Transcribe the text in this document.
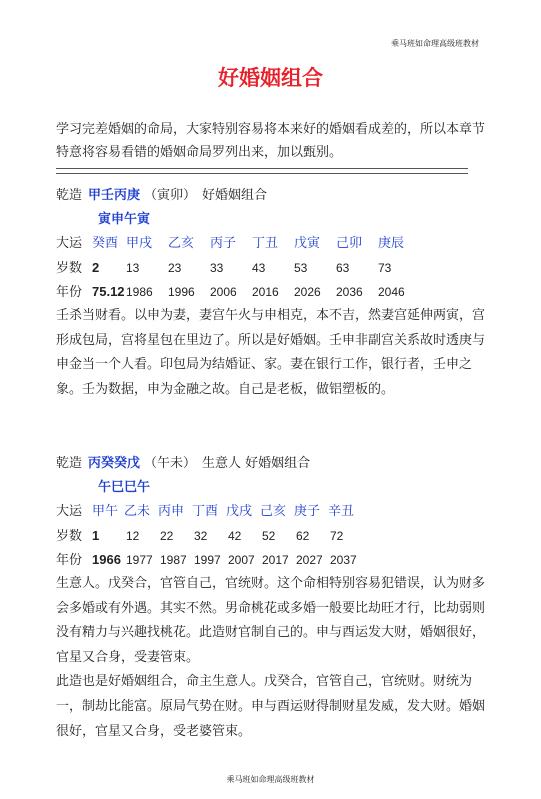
乘马班如命理高级班教材
好婚姻组合
学习完差婚姻的命局，大家特别容易将本来好的婚姻看成差的，所以本章节特意将容易看错的婚姻命局罗列出来，加以甄别。
乾造 甲壬丙庚 （寅卯） 好婚姻组合
寅申午寅
大运 癸酉 甲戌	乙亥	丙子	丁丑	戊寅	己卯	庚辰
岁数 2	13	23	33	43	53	63	73
年份 75.12 1986	1996	2006	2016	2026	2036	2046

壬杀当财看。以申为妻，妻宫午火与申相克，本不吉，然妻宫延伸两寅，宫形成包局，宫将星包在里边了。所以是好婚姻。壬申非副宫关系故时透庚与申金当一个人看。印包局为结婚证、家。妻在银行工作，银行者，壬申之象。壬为数据，申为金融之故。自己是老板，做铝塑板的。

乾造 丙癸癸戊 （午未） 生意人 好婚姻组合
午巳巳午
大运 甲午 乙未 丙申 丁酉 戊戌 己亥 庚子 辛丑
岁数 1	12	22	32	42	52	62	72
年份 1966 1977 1987 1997 2007 2017 2027 2037

生意人。戊癸合，官管自己，官统财。这个命相特别容易犯错误，认为财多会多婚或有外遇。其实不然。男命桃花或多婚一般要比劫旺才行，比劫弱则没有精力与兴趣找桃花。此造财官制自己的。申与酉运发大财，婚姻很好，官星又合身，受妻管束。

此造也是好婚姻组合，命主生意人。戊癸合，官管自己，官统财。财统为一，制劫比能富。原局气势在财。申与酉运财得制财星发威，发大财。婚姻很好，官星又合身，受老婆管束。

乘马班如命理高级班教材
